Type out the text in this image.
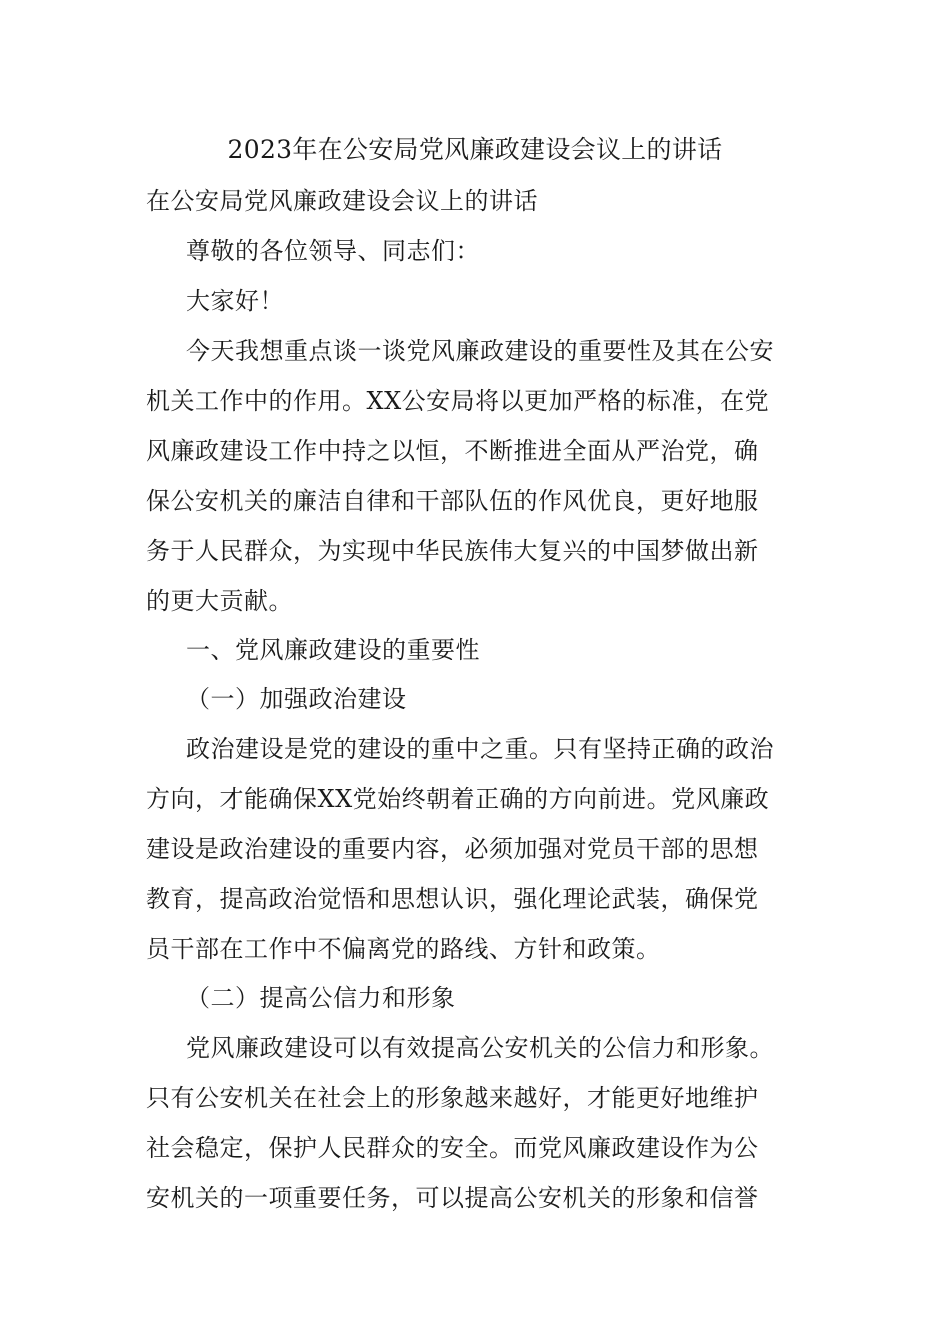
2023年在公安局党风廉政建设会议上的讲话
在公安局党风廉政建设会议上的讲话
尊敬的各位领导、同志们：
大家好！
今天我想重点谈一谈党风廉政建设的重要性及其在公安
机关工作中的作用。XX公安局将以更加严格的标准，在党
风廉政建设工作中持之以恒，不断推进全面从严治党，确
保公安机关的廉洁自律和干部队伍的作风优良，更好地服
务于人民群众，为实现中华民族伟大复兴的中国梦做出新
的更大贡献。
一、党风廉政建设的重要性
（一）加强政治建设
政治建设是党的建设的重中之重。只有坚持正确的政治
方向，才能确保XX党始终朝着正确的方向前进。党风廉政
建设是政治建设的重要内容，必须加强对党员干部的思想
教育，提高政治觉悟和思想认识，强化理论武装，确保党
员干部在工作中不偏离党的路线、方针和政策。
（二）提高公信力和形象
党风廉政建设可以有效提高公安机关的公信力和形象。
只有公安机关在社会上的形象越来越好，才能更好地维护
社会稳定，保护人民群众的安全。而党风廉政建设作为公
安机关的一项重要任务，可以提高公安机关的形象和信誉
